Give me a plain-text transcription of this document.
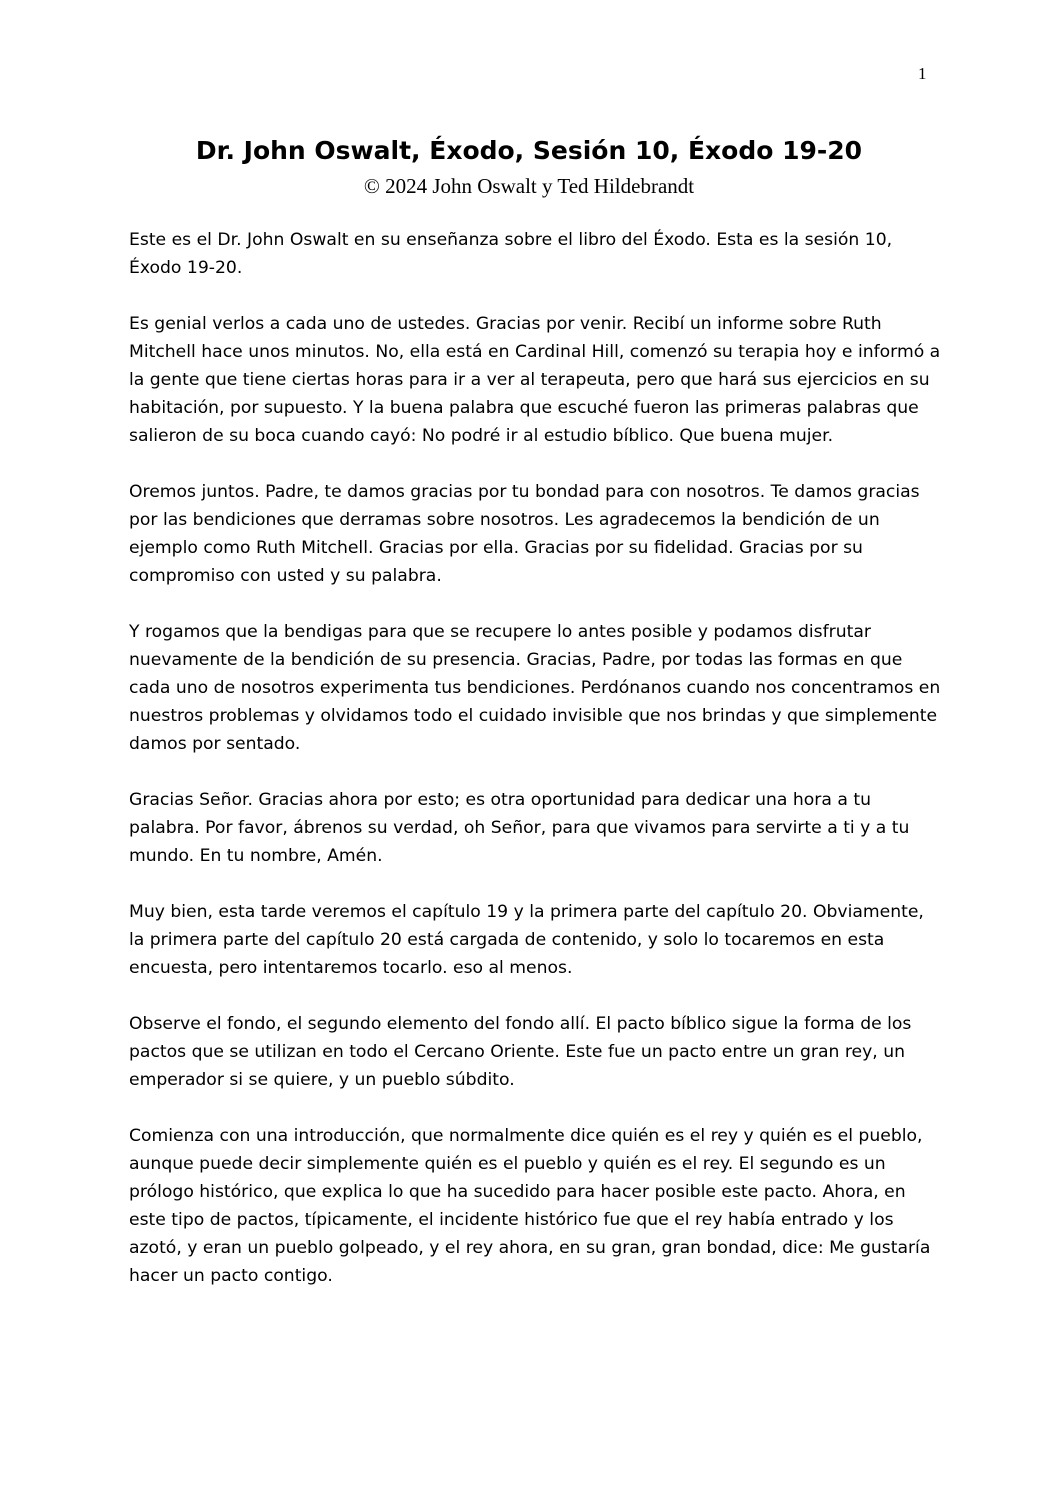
1
Dr. John Oswalt, Éxodo, Sesión 10, Éxodo 19-20
© 2024 John Oswalt y Ted Hildebrandt

Este es el Dr. John Oswalt en su enseñanza sobre el libro del Éxodo. Esta es la sesión 10, Éxodo 19-20.

Es genial verlos a cada uno de ustedes. Gracias por venir. Recibí un informe sobre Ruth Mitchell hace unos minutos. No, ella está en Cardinal Hill, comenzó su terapia hoy e informó a la gente que tiene ciertas horas para ir a ver al terapeuta, pero que hará sus ejercicios en su habitación, por supuesto. Y la buena palabra que escuché fueron las primeras palabras que salieron de su boca cuando cayó: No podré ir al estudio bíblico. Que buena mujer.

Oremos juntos. Padre, te damos gracias por tu bondad para con nosotros. Te damos gracias por las bendiciones que derramas sobre nosotros. Les agradecemos la bendición de un ejemplo como Ruth Mitchell. Gracias por ella. Gracias por su fidelidad. Gracias por su compromiso con usted y su palabra.

Y rogamos que la bendigas para que se recupere lo antes posible y podamos disfrutar nuevamente de la bendición de su presencia. Gracias, Padre, por todas las formas en que cada uno de nosotros experimenta tus bendiciones. Perdónanos cuando nos concentramos en nuestros problemas y olvidamos todo el cuidado invisible que nos brindas y que simplemente damos por sentado.

Gracias Señor. Gracias ahora por esto; es otra oportunidad para dedicar una hora a tu palabra. Por favor, ábrenos su verdad, oh Señor, para que vivamos para servirte a ti y a tu mundo. En tu nombre, Amén.

Muy bien, esta tarde veremos el capítulo 19 y la primera parte del capítulo 20. Obviamente, la primera parte del capítulo 20 está cargada de contenido, y solo lo tocaremos en esta encuesta, pero intentaremos tocarlo. eso al menos.

Observe el fondo, el segundo elemento del fondo allí. El pacto bíblico sigue la forma de los pactos que se utilizan en todo el Cercano Oriente. Este fue un pacto entre un gran rey, un emperador si se quiere, y un pueblo súbdito.

Comienza con una introducción, que normalmente dice quién es el rey y quién es el pueblo, aunque puede decir simplemente quién es el pueblo y quién es el rey. El segundo es un prólogo histórico, que explica lo que ha sucedido para hacer posible este pacto. Ahora, en este tipo de pactos, típicamente, el incidente histórico fue que el rey había entrado y los azotó, y eran un pueblo golpeado, y el rey ahora, en su gran, gran bondad, dice: Me gustaría hacer un pacto contigo.
